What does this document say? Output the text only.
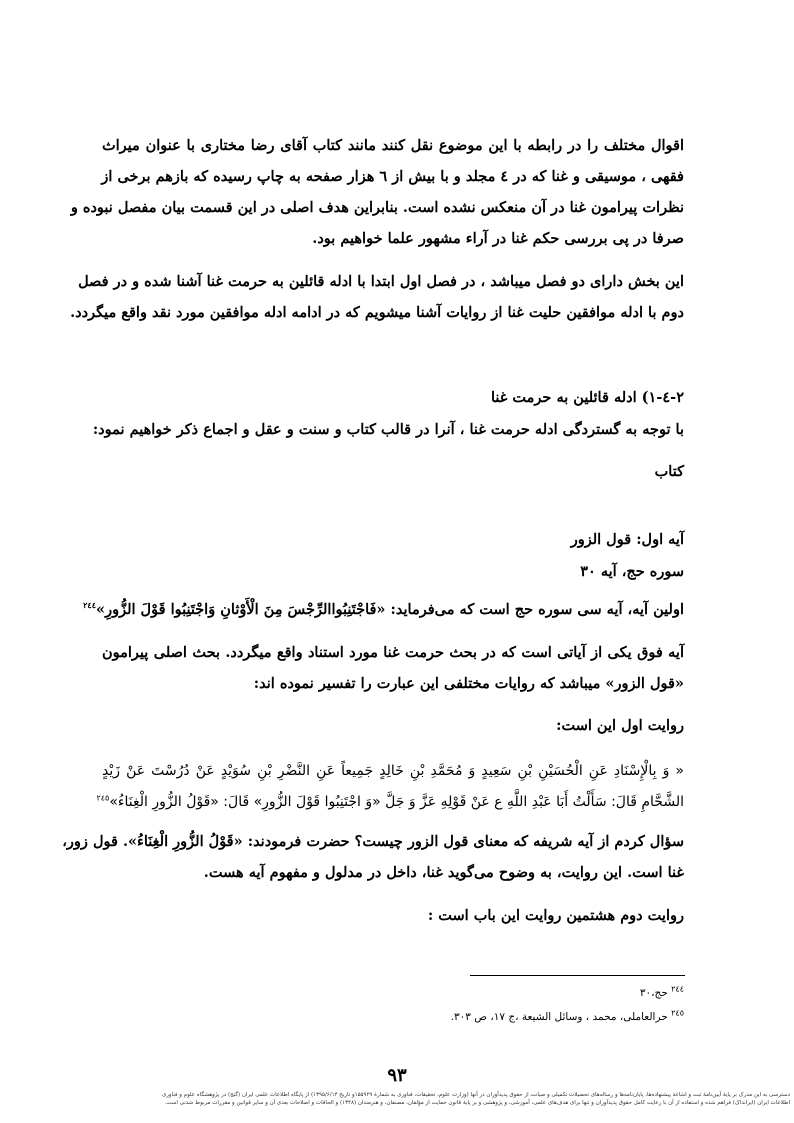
اقوال مختلف را در رابطه با این موضوع نقل کنند مانند کتاب آقای رضا مختاری با عنوان میراث
فقهی ، موسیقی و غنا که در ٤ مجلد و با بیش از ٦ هزار صفحه به چاپ رسیده که بازهم برخی از
نظرات پیرامون غنا در آن منعکس نشده است. بنابراین هدف اصلی در این قسمت بیان مفصل نبوده و
صرفا در پی بررسی حکم غنا در آراء مشهور علما خواهیم بود.
این بخش دارای دو فصل میباشد ، در فصل اول ابتدا با ادله قائلین به حرمت غنا آشنا شده و در فصل
دوم با ادله موافقین حلیت غنا از روایات آشنا میشویم که در ادامه ادله موافقین مورد نقد واقع میگردد.
٢-٤-١) ادله قائلین به حرمت غنا
با توجه به گستردگی ادله حرمت غنا ، آنرا در قالب کتاب و سنت و عقل و اجماع ذکر خواهیم نمود:
کتاب
آیه اول: قول الزور
سوره حج، آیه ٣٠
اولین آیه، آیه سی سوره حج است که می‌فرماید: «فَاجْتَنِبُواالرِّجْسَ مِنَ الْأَوْثانِ وَاجْتَنِبُوا قَوْلَ الزُّورِ»$^{٢٤٤}$
آیه فوق یکی از آیاتی است که در بحث حرمت غنا مورد استناد واقع میگردد. بحث اصلی پیرامون
«قول الزور» میباشد که روایات مختلفی این عبارت را تفسیر نموده اند:
روایت اول این است:
« وَ بِالْإِسْنَادِ عَنِ الْحُسَيْنِ بْنِ سَعِيدٍ وَ مُحَمَّدِ بْنِ خَالِدٍ جَمِيعاً عَنِ النَّضْرِ بْنِ سُوَيْدٍ عَنْ دُرُسْتَ عَنْ زَيْدٍ
الشَّحَّامِ قَالَ: سَأَلْتُ أَبَا عَبْدِ اللَّهِ ع عَنْ قَوْلِهِ عَزَّ وَ جَلَّ «وَ اجْتَنِبُوا قَوْلَ الزُّورِ» قَالَ: «قَوْلُ الزُّورِ الْغِنَاءُ»$^{٢٤٥}$
سؤال کردم از آیه شریفه که معنای قول الزور چیست؟ حضرت فرمودند: «قَوْلُ الزُّورِ الْغِنَاءُ». قول زور،
غنا است. این روایت، به وضوح می‌گوید غنا، داخل در مدلول و مفهوم آیه هست.
روایت دوم هشتمین روایت این باب است :
$^{٢٤٤}$ حج،٣٠
$^{٢٤٥}$ حرالعاملی، محمد ، وسائل الشیعة ،ج ١٧، ص ٣٠٣.
٩٣
دسترسی به این مدرک بر پایهٔ آیین‌نامهٔ ثبت و اشاعهٔ پیشنهاده‌ها، پایان‌نامه‌ها و رساله‌های تحصیلات تکمیلی و صیانت از حقوق پدیدآوران در آنها (وزارت علوم، تحقیقات، فناوری به شمارهٔ ۱۵۵۹۲۹و تاریخ ۱۳۹۵/۶/۱۴) از پایگاه اطلاعات علمی ایران (گنج) در پژوهشگاه علوم و فناوری
اطلاعات ایران (ایرانداک) فراهم شده و استفاده از آن با رعایت کامل حقوق پدیدآوران و تنها برای هدف‌های علمی، آموزشی، و پژوهشی و بر پایهٔ قانون حمایت از مؤلفان، مصنفان، و هنرمندان (۱۳۴۸) و الحاقات و اصلاحات بعدی آن و سایر قوانین و مقررات مربوط شدنی است.
